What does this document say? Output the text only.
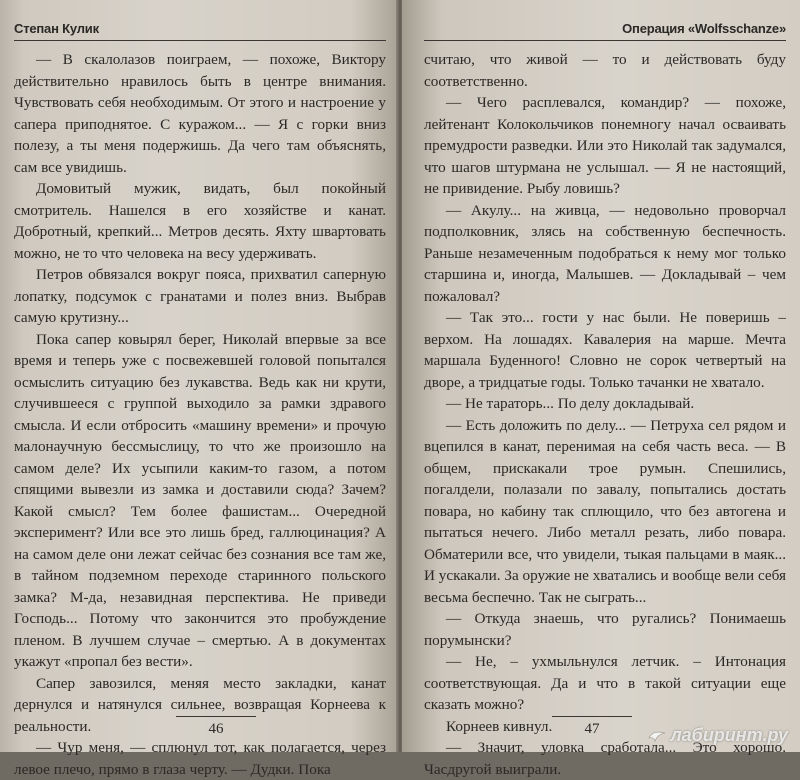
Степан Кулик

— В скалолазов поиграем, — похоже, Виктору действительно нравилось быть в центре внимания. Чувствовать себя необходимым. От этого и настроение у сапера приподнятое. С куражом... — Я с горки вниз полезу, а ты меня подержишь. Да чего там объяснять, сам все увидишь.

Домовитый мужик, видать, был покойный смотритель. Нашелся в его хозяйстве и канат. Добротный, крепкий... Метров десять. Яхту швартовать можно, не то что человека на весу удерживать.

Петров обвязался вокруг пояса, прихватил саперную лопатку, подсумок с гранатами и полез вниз. Выбрав самую крутизну...

Пока сапер ковырял берег, Николай впервые за все время и теперь уже с посвежевшей головой попытался осмыслить ситуацию без лукавства. Ведь как ни крути, случившееся с группой выходило за рамки здравого смысла. И если отбросить «машину времени» и прочую малонаучную бессмыслицу, то что же произошло на самом деле? Их усыпили каким-то газом, а потом спящими вывезли из замка и доставили сюда? Зачем? Какой смысл? Тем более фашистам... Очередной эксперимент? Или все это лишь бред, галлюцинация? А на самом деле они лежат сейчас без сознания все там же, в тайном подземном переходе старинного польского замка? М-да, незавидная перспектива. Не приведи Господь... Потому что закончится это пробуждение пленом. В лучшем случае – смертью. А в документах укажут «пропал без вести».

Сапер завозился, меняя место закладки, канат дернулся и натянулся сильнее, возвращая Корнеева к реальности.

— Чур меня, — сплюнул тот, как полагается, через левое плечо, прямо в глаза черту. — Дудки. Пока

46
Операция «Wolfsschanze»

считаю, что живой — то и действовать буду соответственно.

— Чего расплевался, командир? — похоже, лейтенант Колокольчиков понемногу начал осваивать премудрости разведки. Или это Николай так задумался, что шагов штурмана не услышал. — Я не настоящий, не привидение. Рыбу ловишь?

— Акулу... на живца, — недовольно проворчал подполковник, злясь на собственную беспечность. Раньше незамеченным подобраться к нему мог только старшина и, иногда, Малышев. — Докладывай – чем пожаловал?

— Так это... гости у нас были. Не поверишь – верхом. На лошадях. Кавалерия на марше. Мечта маршала Буденного! Словно не сорок четвертый на дворе, а тридцатые годы. Только тачанки не хватало.

— Не тараторь... По делу докладывай.

— Есть доложить по делу... — Петруха сел рядом и вцепился в канат, перенимая на себя часть веса. — В общем, прискакали трое румын. Спешились, погалдели, полазали по завалу, попытались достать повара, но кабину так сплющило, что без автогена и пытаться нечего. Либо металл резать, либо повара. Обматерили все, что увидели, тыкая пальцами в маяк... И ускакали. За оружие не хватались и вообще вели себя весьма беспечно. Так не сыграть...

— Откуда знаешь, что ругались? Понимаешь порумынски?

— Не, – ухмыльнулся летчик. – Интонация соответствующая. Да и что в такой ситуации еще сказать можно?

Корнеев кивнул.

— Значит, уловка сработала... Это хорошо. Часдругой выиграли.

47	лабиринт.ру
